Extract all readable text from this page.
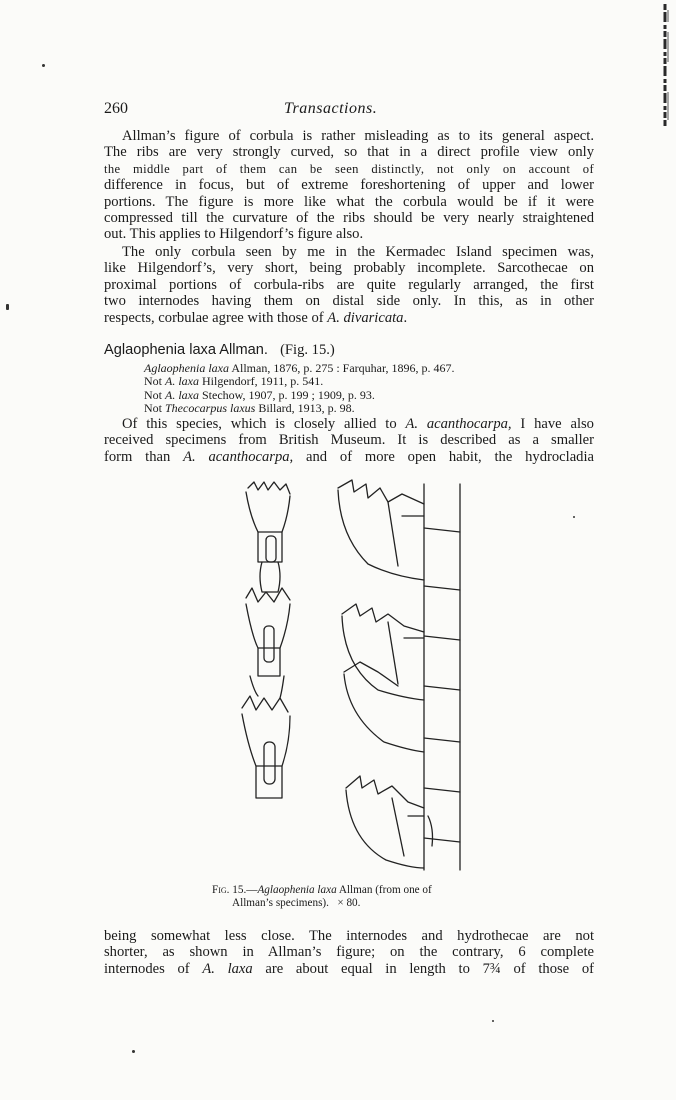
260	Transactions.

Allman’s figure of corbula is rather misleading as to its general aspect.
The ribs are very strongly curved, so that in a direct profile view only
the middle part of them can be seen distinctly, not only on account of
difference in focus, but of extreme foreshortening of upper and lower
portions. The figure is more like what the corbula would be if it were
compressed till the curvature of the ribs should be very nearly straightened
out. This applies to Hilgendorf’s figure also.

The only corbula seen by me in the Kermadec Island specimen was,
like Hilgendorf’s, very short, being probably incomplete. Sarcothecae on
proximal portions of corbula-ribs are quite regularly arranged, the first
two internodes having them on distal side only. In this, as in other
respects, corbulae agree with those of A. divaricata.

Aglaophenia laxa Allman. (Fig. 15.)
Aglaophenia laxa Allman, 1876, p. 275 : Farquhar, 1896, p. 467.
Not A. laxa Hilgendorf, 1911, p. 541.
Not A. laxa Stechow, 1907, p. 199 ; 1909, p. 93.
Not Thecocarpus laxus Billard, 1913, p. 98.

Of this species, which is closely allied to A. acanthocarpa, I have also
received specimens from British Museum. It is described as a smaller
form than A. acanthocarpa, and of more open habit, the hydrocladia

Fig. 15.—Aglaophenia laxa Allman (from one of
Allman’s specimens). × 80.

being somewhat less close. The internodes and hydrothecae are not
shorter, as shown in Allman’s figure; on the contrary, 6 complete
internodes of A. laxa are about equal in length to 7¾ of those of
